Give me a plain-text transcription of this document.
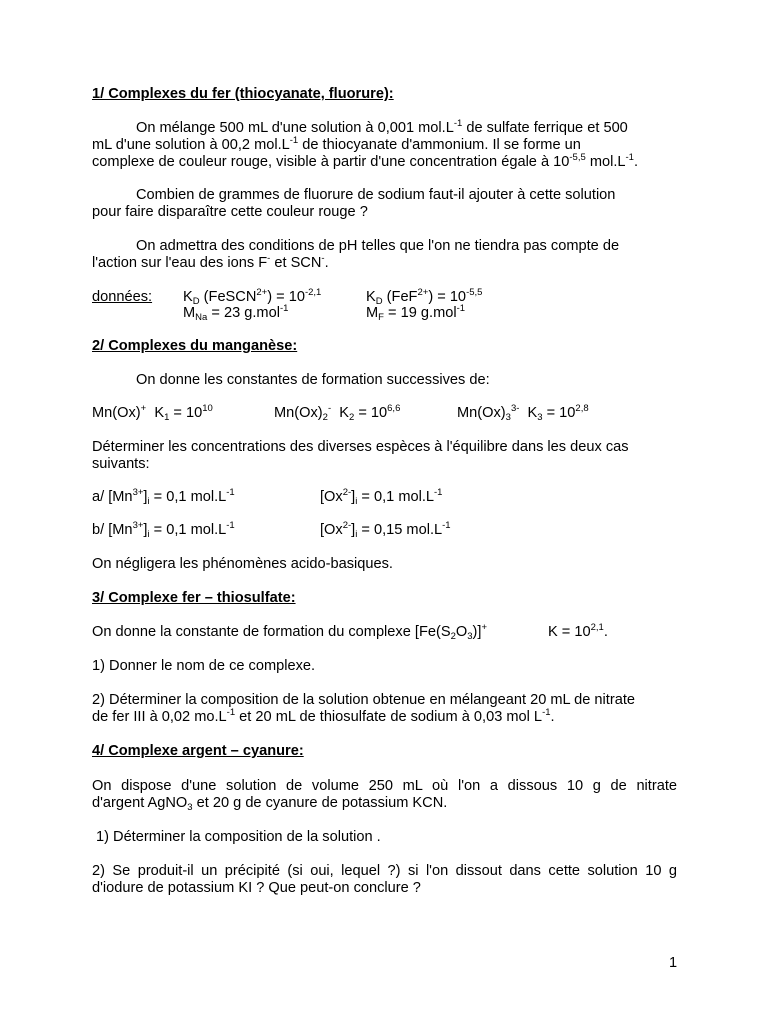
1/ Complexes du fer (thiocyanate, fluorure):

On mélange 500 mL d'une solution à 0,001 $mol.L^{-1}$ de sulfate ferrique et 500

mL d'une solution à 00,2 $mol.L^{-1}$ de thiocyanate d'ammonium. Il se forme un

complexe de couleur rouge, visible à partir d'une concentration égale à $10^{-5,5}$ $mol.L^{-1}$.

Combien de grammes de fluorure de sodium faut-il ajouter à cette solution

pour faire disparaître cette couleur rouge ?

On admettra des conditions de pH telles que l'on ne tiendra pas compte de

l'action sur l'eau des ions F- et SCN-.

données: $K_D$ (FeSCN$^{2+}$) = $10^{-2,1}$	$K_D$ $(FeF^{2+}) = 10^{-5,5}$

$M_{Na} = 23$ g.mol$^{-1}$	$M_F = 19$ g.mol$^{-1}$

2/ Complexes du manganèse:

On donne les constantes de formation successives de:

Mn(Ox)+ $K_1 = 10^{10}$	$Mn(Ox)_2^-$ $K_2 = 10^{6,6}$	$Mn(Ox)_3^{3-}$ $K_3 = 10^{2,8}$

Déterminer les concentrations des diverses espèces à l'équilibre dans les deux cas

suivants:

a/ $[Mn^{3+}]_i = 0,1$ $mol.L^{-1}$	$[Ox^{2-}]_i = 0,1$ $mol.L^{-1}$

b/ $[Mn^{3+}]_i = 0,1$ $mol.L^{-1}$	$[Ox^{2-}]_i = 0,15$ $mol.L^{-1}$

On négligera les phénomènes acido-basiques.

3/ Complexe fer – thiosulfate:

On donne la constante de formation du complexe $[Fe(S_2O_3)]^+$	$K = 10^{2,1}$.

1) Donner le nom de ce complexe.

2) Déterminer la composition de la solution obtenue en mélangeant 20 mL de nitrate

de fer III à 0,02 $mo.L^{-1}$ et 20 mL de thiosulfate de sodium à 0,03 mol $L^{-1}$.

4/ Complexe argent – cyanure:

On dispose d'une solution de volume 250 mL où l'on a dissous 10 g de nitrate

d'argent AgNO$_3$ et 20 g de cyanure de potassium KCN.

1) Déterminer la composition de la solution .

2) Se produit-il un précipité (si oui, lequel ?) si l'on dissout dans cette solution 10 g

d'iodure de potassium KI ? Que peut-on conclure ?

1
